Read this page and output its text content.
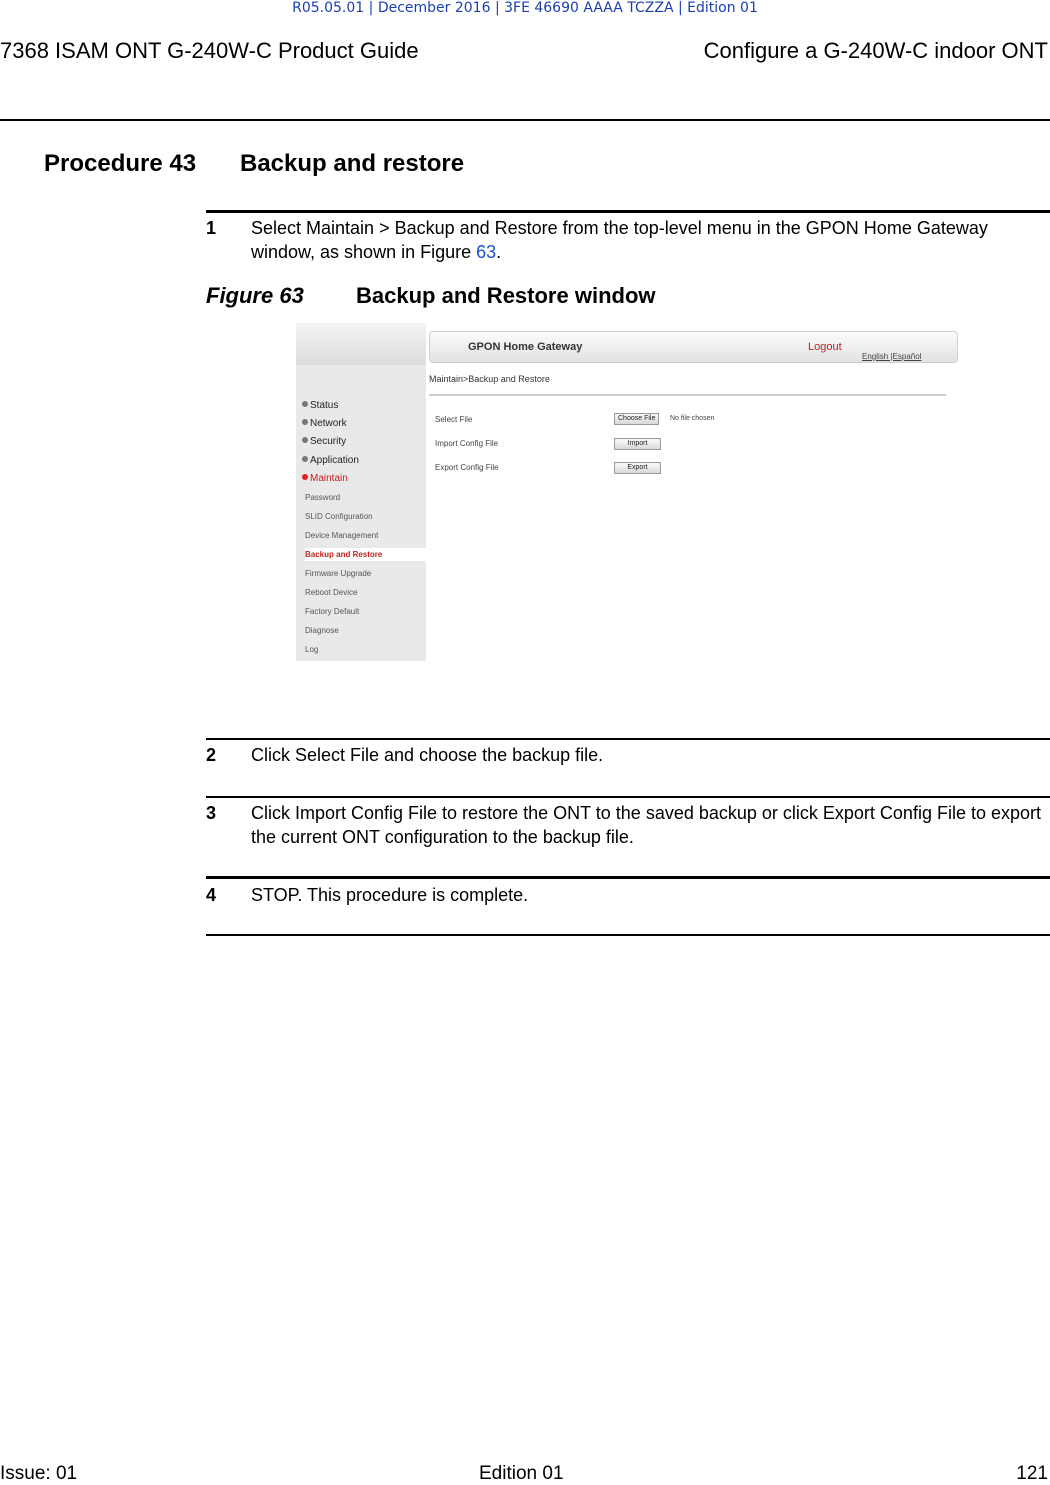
R05.05.01 | December 2016 | 3FE 46690 AAAA TCZZA | Edition 01
7368 ISAM ONT G-240W-C Product Guide	Configure a G-240W-C indoor ONT
Procedure 43 Backup and restore
1 Select Maintain > Backup and Restore from the top-level menu in the GPON Home Gateway window, as shown in Figure 63.
Figure 63 Backup and Restore window
Status
Network
Security
Application
Maintain
Password
SLID Configuration
Device Management
Backup and Restore
Firmware Upgrade
Reboot Device
Factory Default
Diagnose
Log
GPON Home Gateway	Logout
English |Español
Maintain>Backup and Restore
Select File	Choose File	No file chosen
Import Config File	Import
Export Config File	Export
2 Click Select File and choose the backup file.
3 Click Import Config File to restore the ONT to the saved backup or click Export Config File to export the current ONT configuration to the backup file.
4 STOP. This procedure is complete.
Issue: 01	Edition 01	121
